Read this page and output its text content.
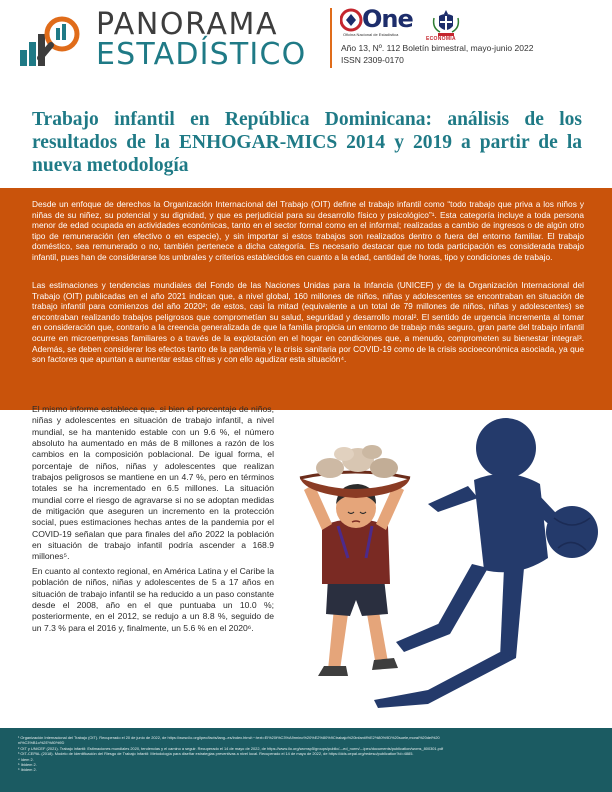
PANORAMA
ESTADÍSTICO
One
Oficina Nacional de Estadística
ECONOMÍA
Año 13, Nº. 112 Boletín bimestral, mayo-junio 2022
ISSN 2309-0170
Trabajo infantil en República Dominicana: análisis de los resultados de la ENHOGAR-MICS 2014 y 2019 a partir de la nueva metodología

Desde un enfoque de derechos la Organización Internacional del Trabajo (OIT) define el trabajo infantil como “todo trabajo que priva a los niños y niñas de su niñez, su potencial y su dignidad, y que es perjudicial para su desarrollo físico y psicológico”¹. Esta categoría incluye a toda persona menor de edad ocupada en actividades económicas, tanto en el sector formal como en el informal; realizadas a cambio de ingresos o de algún otro tipo de remuneración (en efectivo o en especie), y sin importar si estos trabajos son realizados dentro o fuera del entorno familiar. El trabajo doméstico, sea remunerado o no, también pertenece a dicha categoría. Es necesario destacar que no toda participación es considerada trabajo infantil, pues han de considerarse los umbrales y criterios establecidos en cuanto a la edad, cantidad de horas, tipo y condiciones de trabajo.

Las estimaciones y tendencias mundiales del Fondo de las Naciones Unidas para la Infancia (UNICEF) y de la Organización Internacional del Trabajo (OIT) publicadas en el año 2021 indican que, a nivel global, 160 millones de niños, niñas y adolescentes se encontraban en situación de trabajo infantil para comienzos del año 2020²; de estos, casi la mitad (equivalente a un total de 79 millones de niños, niñas y adolescentes) se encontraban realizando trabajos peligrosos que comprometían su salud, seguridad y desarrollo moral². El sentido de urgencia incrementa al tomar en consideración que, contrario a la creencia generalizada de que la familia propicia un entorno de trabajo más seguro, gran parte del trabajo infantil ocurre en microempresas familiares o a través de la explotación en el hogar en condiciones que, a menudo, comprometen su bienestar integral³. Además, se deben considerar los efectos tanto de la pandemia y la crisis sanitaria por COVID-19 como de la crisis socioeconómica asociada, ya que son factores que apuntan a aumentar estas cifras y con ello agudizar esta situación⁴.

El mismo informe establece que, si bien el porcentaje de niños, niñas y adolescentes en situación de trabajo infantil, a nivel mundial, se ha mantenido estable con un 9.6 %, el número absoluto ha aumentado en más de 8 millones a razón de los cambios en la composición poblacional. De igual forma, el porcentaje de niños, niñas y adolescentes que realizan trabajos peligrosos se mantiene en un 4.7 %, pero en términos totales se ha incrementado en 6.5 millones. La situación mundial corre el riesgo de agravarse si no se adoptan medidas de mitigación que aseguren un incremento en la protección social, pues estimaciones hechas antes de la pandemia por el COVID-19 señalan que para finales del año 2022 la población en situación de trabajo infantil podría ascender a 168.9 millones⁵.

En cuanto al contexto regional, en América Latina y el Caribe la población de niños, niñas y adolescentes de 5 a 17 años en situación de trabajo infantil se ha reducido a un paso constante desde el 2008, año en el que puntuaba un 10.0 %; posteriormente, en el 2012, se redujo a un 8.8 %, seguido de un 7.3 % para el 2016 y, finalmente, un 5.6 % en el 2020⁶.

¹ Organización Internacional del Trabajo (OIT). Recuperado el 20 de junio de 2022, de https://www.ilo.org/ipec/facts/lang--es/index.htm#:~:text=El%20t%C3%A9rmino%20%E2%80%9Ctrabajo%20infantil%E2%80%9D%20suele,moral%20del%20
ni%C3%B1o%2E%80%9D
² OIT y UNICEF (2021). Trabajo infantil: Estimaciones mundiales 2020, tendencias y el camino a seguir. Recuperado el 14 de mayo de 2022, de https://www.ilo.org/wcmsp5/groups/public/---ed_norm/---ipec/documents/publication/wcms_800301.pdf
³ OIT-CEPAL (2018). Modelo de Identificación del Riesgo de Trabajo Infantil: Metodología para diseñar estrategias preventivas a nivel local. Recuperado el 14 de mayo de 2022, de https://dds.cepal.org/redeso/publication?id=4885.
⁴ Idem 2.
⁵ Ibidem 2.
⁶ Ibidem 2.
